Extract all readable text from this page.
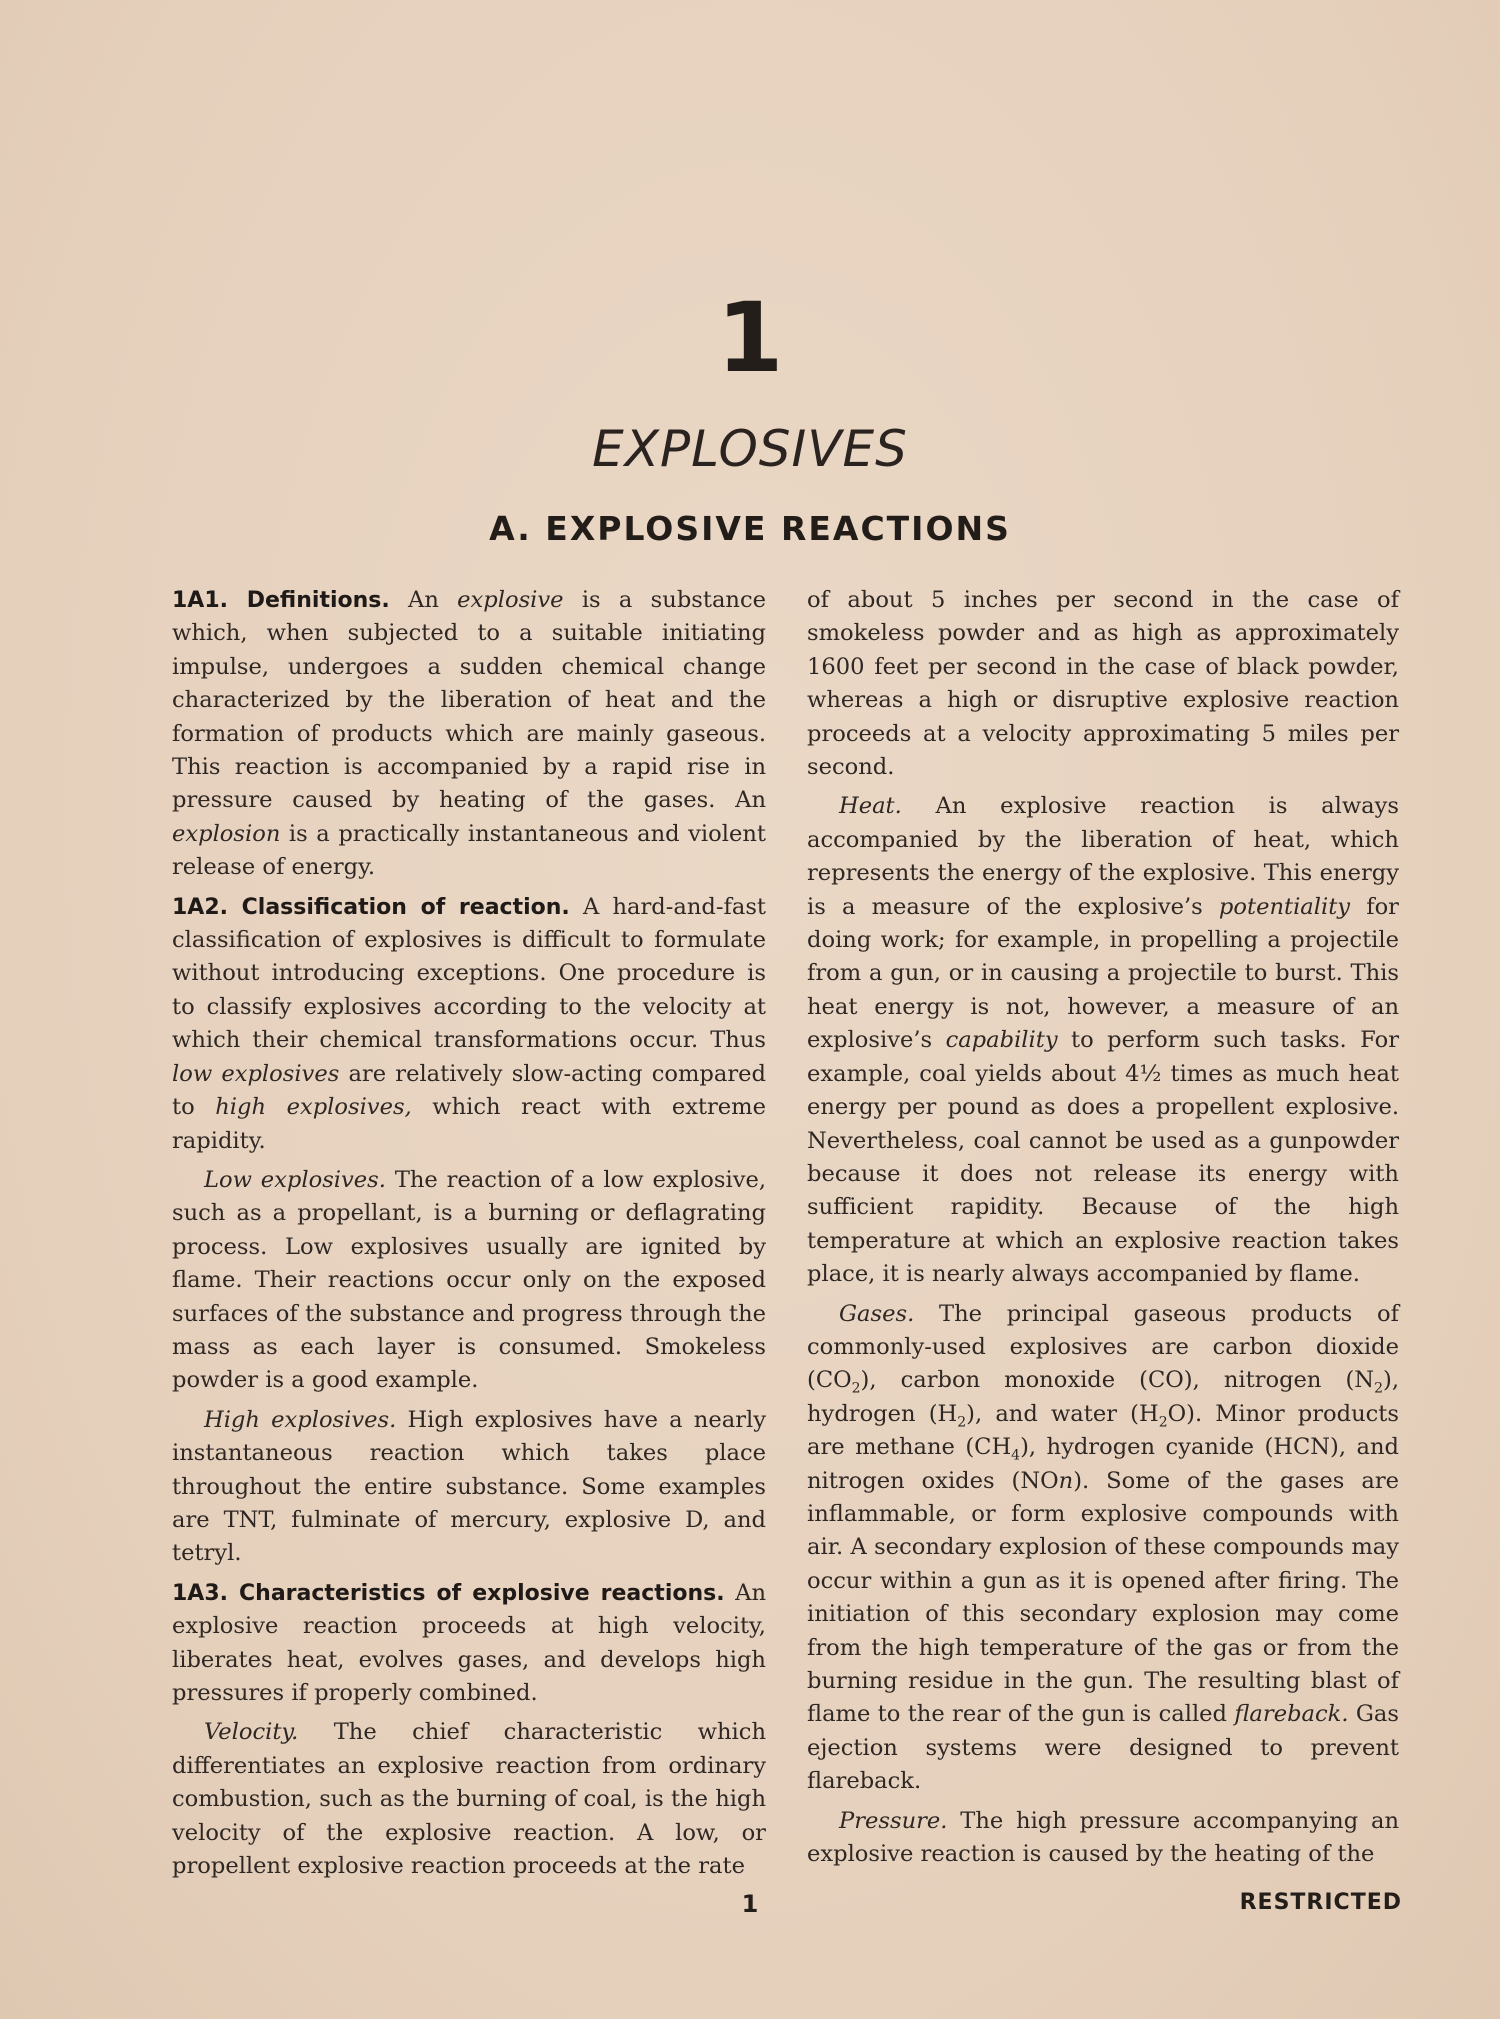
1
EXPLOSIVES
A. EXPLOSIVE REACTIONS

1A1. Definitions. An explosive is a substance which, when subjected to a suitable initiating impulse, undergoes a sudden chemical change characterized by the liberation of heat and the formation of products which are mainly gaseous. This reaction is accompanied by a rapid rise in pressure caused by heating of the gases. An explosion is a practically instantaneous and violent release of energy.

1A2. Classification of reaction. A hard-and-fast classification of explosives is difficult to formulate without introducing exceptions. One procedure is to classify explosives according to the velocity at which their chemical transformations occur. Thus low explosives are relatively slow-acting compared to high explosives, which react with extreme rapidity.

Low explosives. The reaction of a low explosive, such as a propellant, is a burning or deflagrating process. Low explosives usually are ignited by flame. Their reactions occur only on the exposed surfaces of the substance and progress through the mass as each layer is consumed. Smokeless powder is a good example.

High explosives. High explosives have a nearly instantaneous reaction which takes place throughout the entire substance. Some examples are TNT, fulminate of mercury, explosive D, and tetryl.

1A3. Characteristics of explosive reactions. An explosive reaction proceeds at high velocity, liberates heat, evolves gases, and develops high pressures if properly combined.

Velocity. The chief characteristic which differentiates an explosive reaction from ordinary combustion, such as the burning of coal, is the high velocity of the explosive reaction. A low, or propellent explosive reaction proceeds at the rate

of about 5 inches per second in the case of smokeless powder and as high as approximately 1600 feet per second in the case of black powder, whereas a high or disruptive explosive reaction proceeds at a velocity approximating 5 miles per second.

Heat. An explosive reaction is always accompanied by the liberation of heat, which represents the energy of the explosive. This energy is a measure of the explosive’s potentiality for doing work; for example, in propelling a projectile from a gun, or in causing a projectile to burst. This heat energy is not, however, a measure of an explosive’s capability to perform such tasks. For example, coal yields about 4½ times as much heat energy per pound as does a propellent explosive. Nevertheless, coal cannot be used as a gunpowder because it does not release its energy with sufficient rapidity. Because of the high temperature at which an explosive reaction takes place, it is nearly always accompanied by flame.

Gases. The principal gaseous products of commonly-used explosives are carbon dioxide $(CO_2)$, carbon monoxide (CO), nitrogen $(N_2)$, hydrogen $(H_2)$, and water $(H_2O)$. Minor products are methane $(CH_4)$, hydrogen cyanide (HCN), and nitrogen oxides (NOn). Some of the gases are inflammable, or form explosive compounds with air. A secondary explosion of these compounds may occur within a gun as it is opened after firing. The initiation of this secondary explosion may come from the high temperature of the gas or from the burning residue in the gun. The resulting blast of flame to the rear of the gun is called flareback. Gas ejection systems were designed to prevent flareback.

Pressure. The high pressure accompanying an explosive reaction is caused by the heating of the

1	RESTRICTED
